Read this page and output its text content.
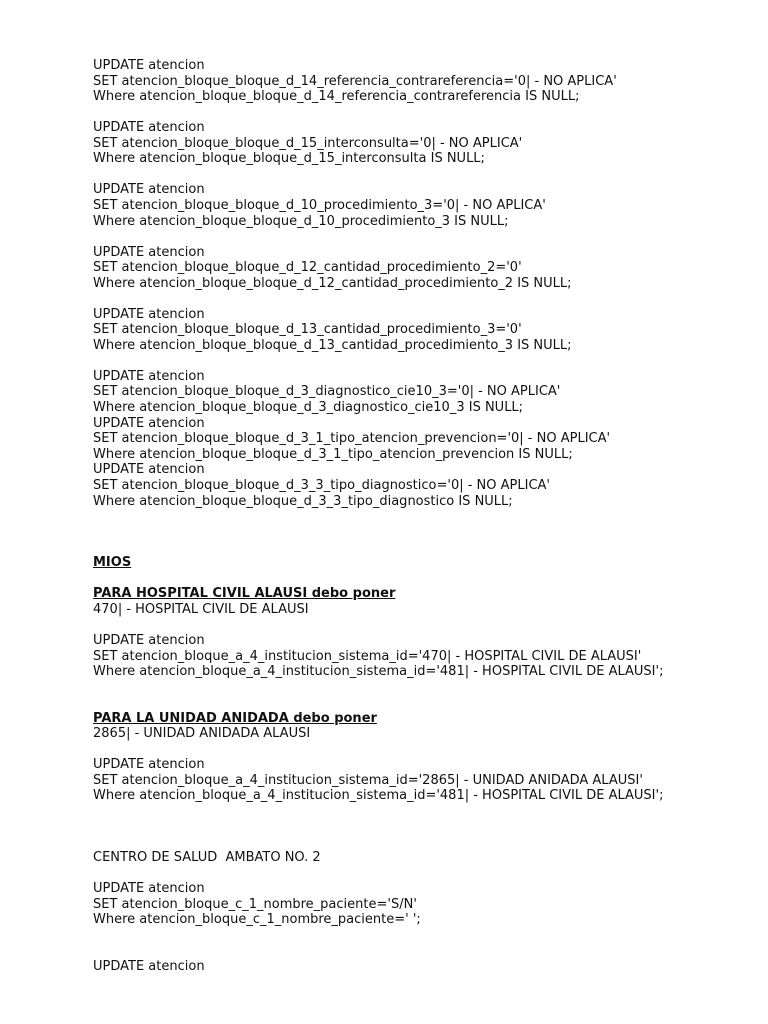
UPDATE atencion
SET atencion_bloque_bloque_d_14_referencia_contrareferencia='0| - NO APLICA'
Where atencion_bloque_bloque_d_14_referencia_contrareferencia IS NULL;
UPDATE atencion
SET atencion_bloque_bloque_d_15_interconsulta='0| - NO APLICA'
Where atencion_bloque_bloque_d_15_interconsulta IS NULL;
UPDATE atencion
SET atencion_bloque_bloque_d_10_procedimiento_3='0| - NO APLICA'
Where atencion_bloque_bloque_d_10_procedimiento_3 IS NULL;
UPDATE atencion
SET atencion_bloque_bloque_d_12_cantidad_procedimiento_2='0'
Where atencion_bloque_bloque_d_12_cantidad_procedimiento_2 IS NULL;
UPDATE atencion
SET atencion_bloque_bloque_d_13_cantidad_procedimiento_3='0'
Where atencion_bloque_bloque_d_13_cantidad_procedimiento_3 IS NULL;
UPDATE atencion
SET atencion_bloque_bloque_d_3_diagnostico_cie10_3='0| - NO APLICA'
Where atencion_bloque_bloque_d_3_diagnostico_cie10_3 IS NULL;
UPDATE atencion
SET atencion_bloque_bloque_d_3_1_tipo_atencion_prevencion='0| - NO APLICA'
Where atencion_bloque_bloque_d_3_1_tipo_atencion_prevencion IS NULL;
UPDATE atencion
SET atencion_bloque_bloque_d_3_3_tipo_diagnostico='0| - NO APLICA'
Where atencion_bloque_bloque_d_3_3_tipo_diagnostico IS NULL;
MIOS
PARA HOSPITAL CIVIL ALAUSI debo poner
470| - HOSPITAL CIVIL DE ALAUSI
UPDATE atencion
SET atencion_bloque_a_4_institucion_sistema_id='470| - HOSPITAL CIVIL DE ALAUSI'
Where atencion_bloque_a_4_institucion_sistema_id='481| - HOSPITAL CIVIL DE ALAUSI';
PARA LA UNIDAD ANIDADA debo poner
2865| - UNIDAD ANIDADA ALAUSI
UPDATE atencion
SET atencion_bloque_a_4_institucion_sistema_id='2865| - UNIDAD ANIDADA ALAUSI'
Where atencion_bloque_a_4_institucion_sistema_id='481| - HOSPITAL CIVIL DE ALAUSI';
CENTRO DE SALUD  AMBATO NO. 2
UPDATE atencion
SET atencion_bloque_c_1_nombre_paciente='S/N'
Where atencion_bloque_c_1_nombre_paciente=' ';
UPDATE atencion
